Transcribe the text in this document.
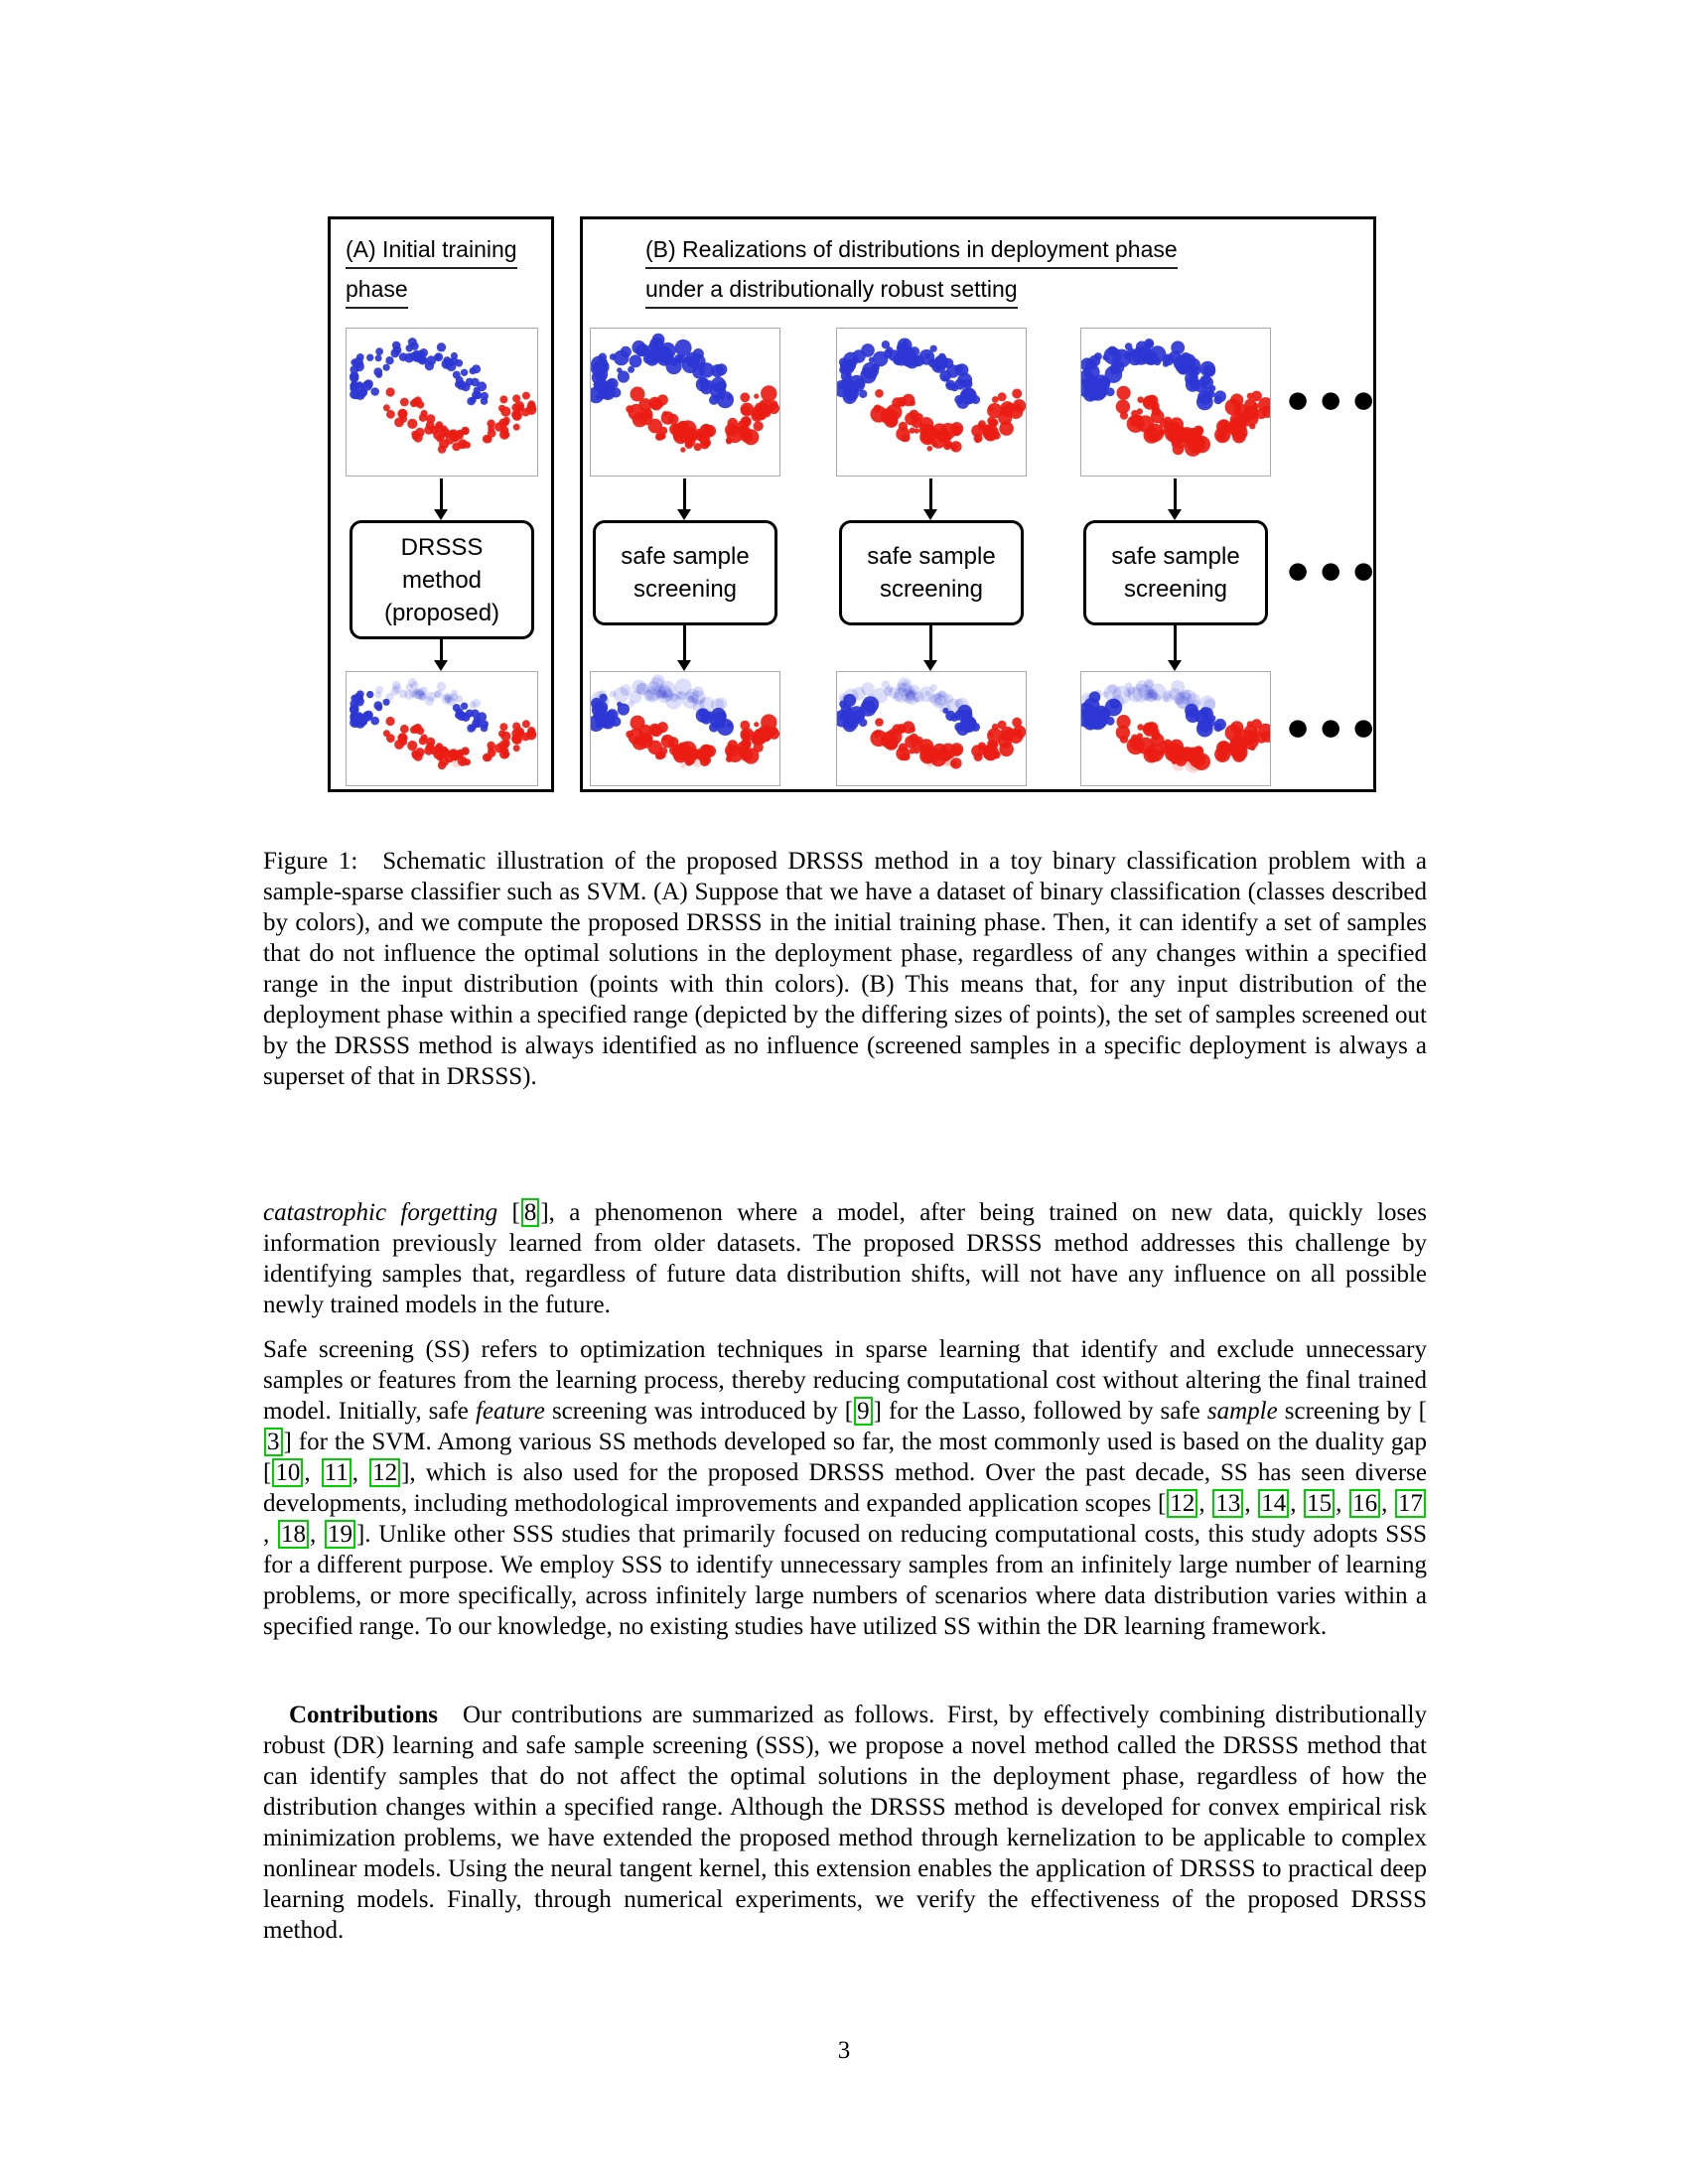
(A) Initial training
phase
(B) Realizations of distributions in deployment phase
under a distributionally robust setting
DRSSS
method
(proposed)
safe sample
screening
safe sample
screening
safe sample
screening
●●●
●●●
●●●
Figure 1:  Schematic illustration of the proposed DRSSS method in a toy binary classification problem with a sample-sparse classifier such as SVM. (A) Suppose that we have a dataset of binary classification (classes described by colors), and we compute the proposed DRSSS in the initial training phase. Then, it can identify a set of samples that do not influence the optimal solutions in the deployment phase, regardless of any changes within a specified range in the input distribution (points with thin colors). (B) This means that, for any input distribution of the deployment phase within a specified range (depicted by the differing sizes of points), the set of samples screened out by the DRSSS method is always identified as no influence (screened samples in a specific deployment is always a superset of that in DRSSS).

catastrophic forgetting [ 8 ], a phenomenon where a model, after being trained on new data, quickly loses information previously learned from older datasets. The proposed DRSSS method addresses this challenge by identifying samples that, regardless of future data distribution shifts, will not have any influence on all possible newly trained models in the future.

Safe screening (SS) refers to optimization techniques in sparse learning that identify and exclude unnecessary samples or features from the learning process, thereby reducing computational cost without altering the final trained model. Initially, safe feature screening was introduced by [ 9 ] for the Lasso, followed by safe sample screening by [3 ] for the SVM. Among various SS methods developed so far, the most commonly used is based on the duality gap [ 10 , 11 , 12 ], which is also used for the proposed DRSSS method. Over the past decade, SS has seen diverse developments, including methodological improvements and expanded application scopes [ 12 , 13 , 14 , 15 , 16 , 17, 18 , 19 ]. Unlike other SSS studies that primarily focused on reducing computational costs, this study adopts SSS for a different purpose. We employ SSS to identify unnecessary samples from an infinitely large number of learning problems, or more specifically, across infinitely large numbers of scenarios where data distribution varies within a specified range. To our knowledge, no existing studies have utilized SS within the DR learning framework.

Contributions  Our contributions are summarized as follows. First, by effectively combining distributionally robust (DR) learning and safe sample screening (SSS), we propose a novel method called the DRSSS method that can identify samples that do not affect the optimal solutions in the deployment phase, regardless of how the distribution changes within a specified range. Although the DRSSS method is developed for convex empirical risk minimization problems, we have extended the proposed method through kernelization to be applicable to complex nonlinear models. Using the neural tangent kernel, this extension enables the application of DRSSS to practical deep learning models. Finally, through numerical experiments, we verify the effectiveness of the proposed DRSSS method.

3
